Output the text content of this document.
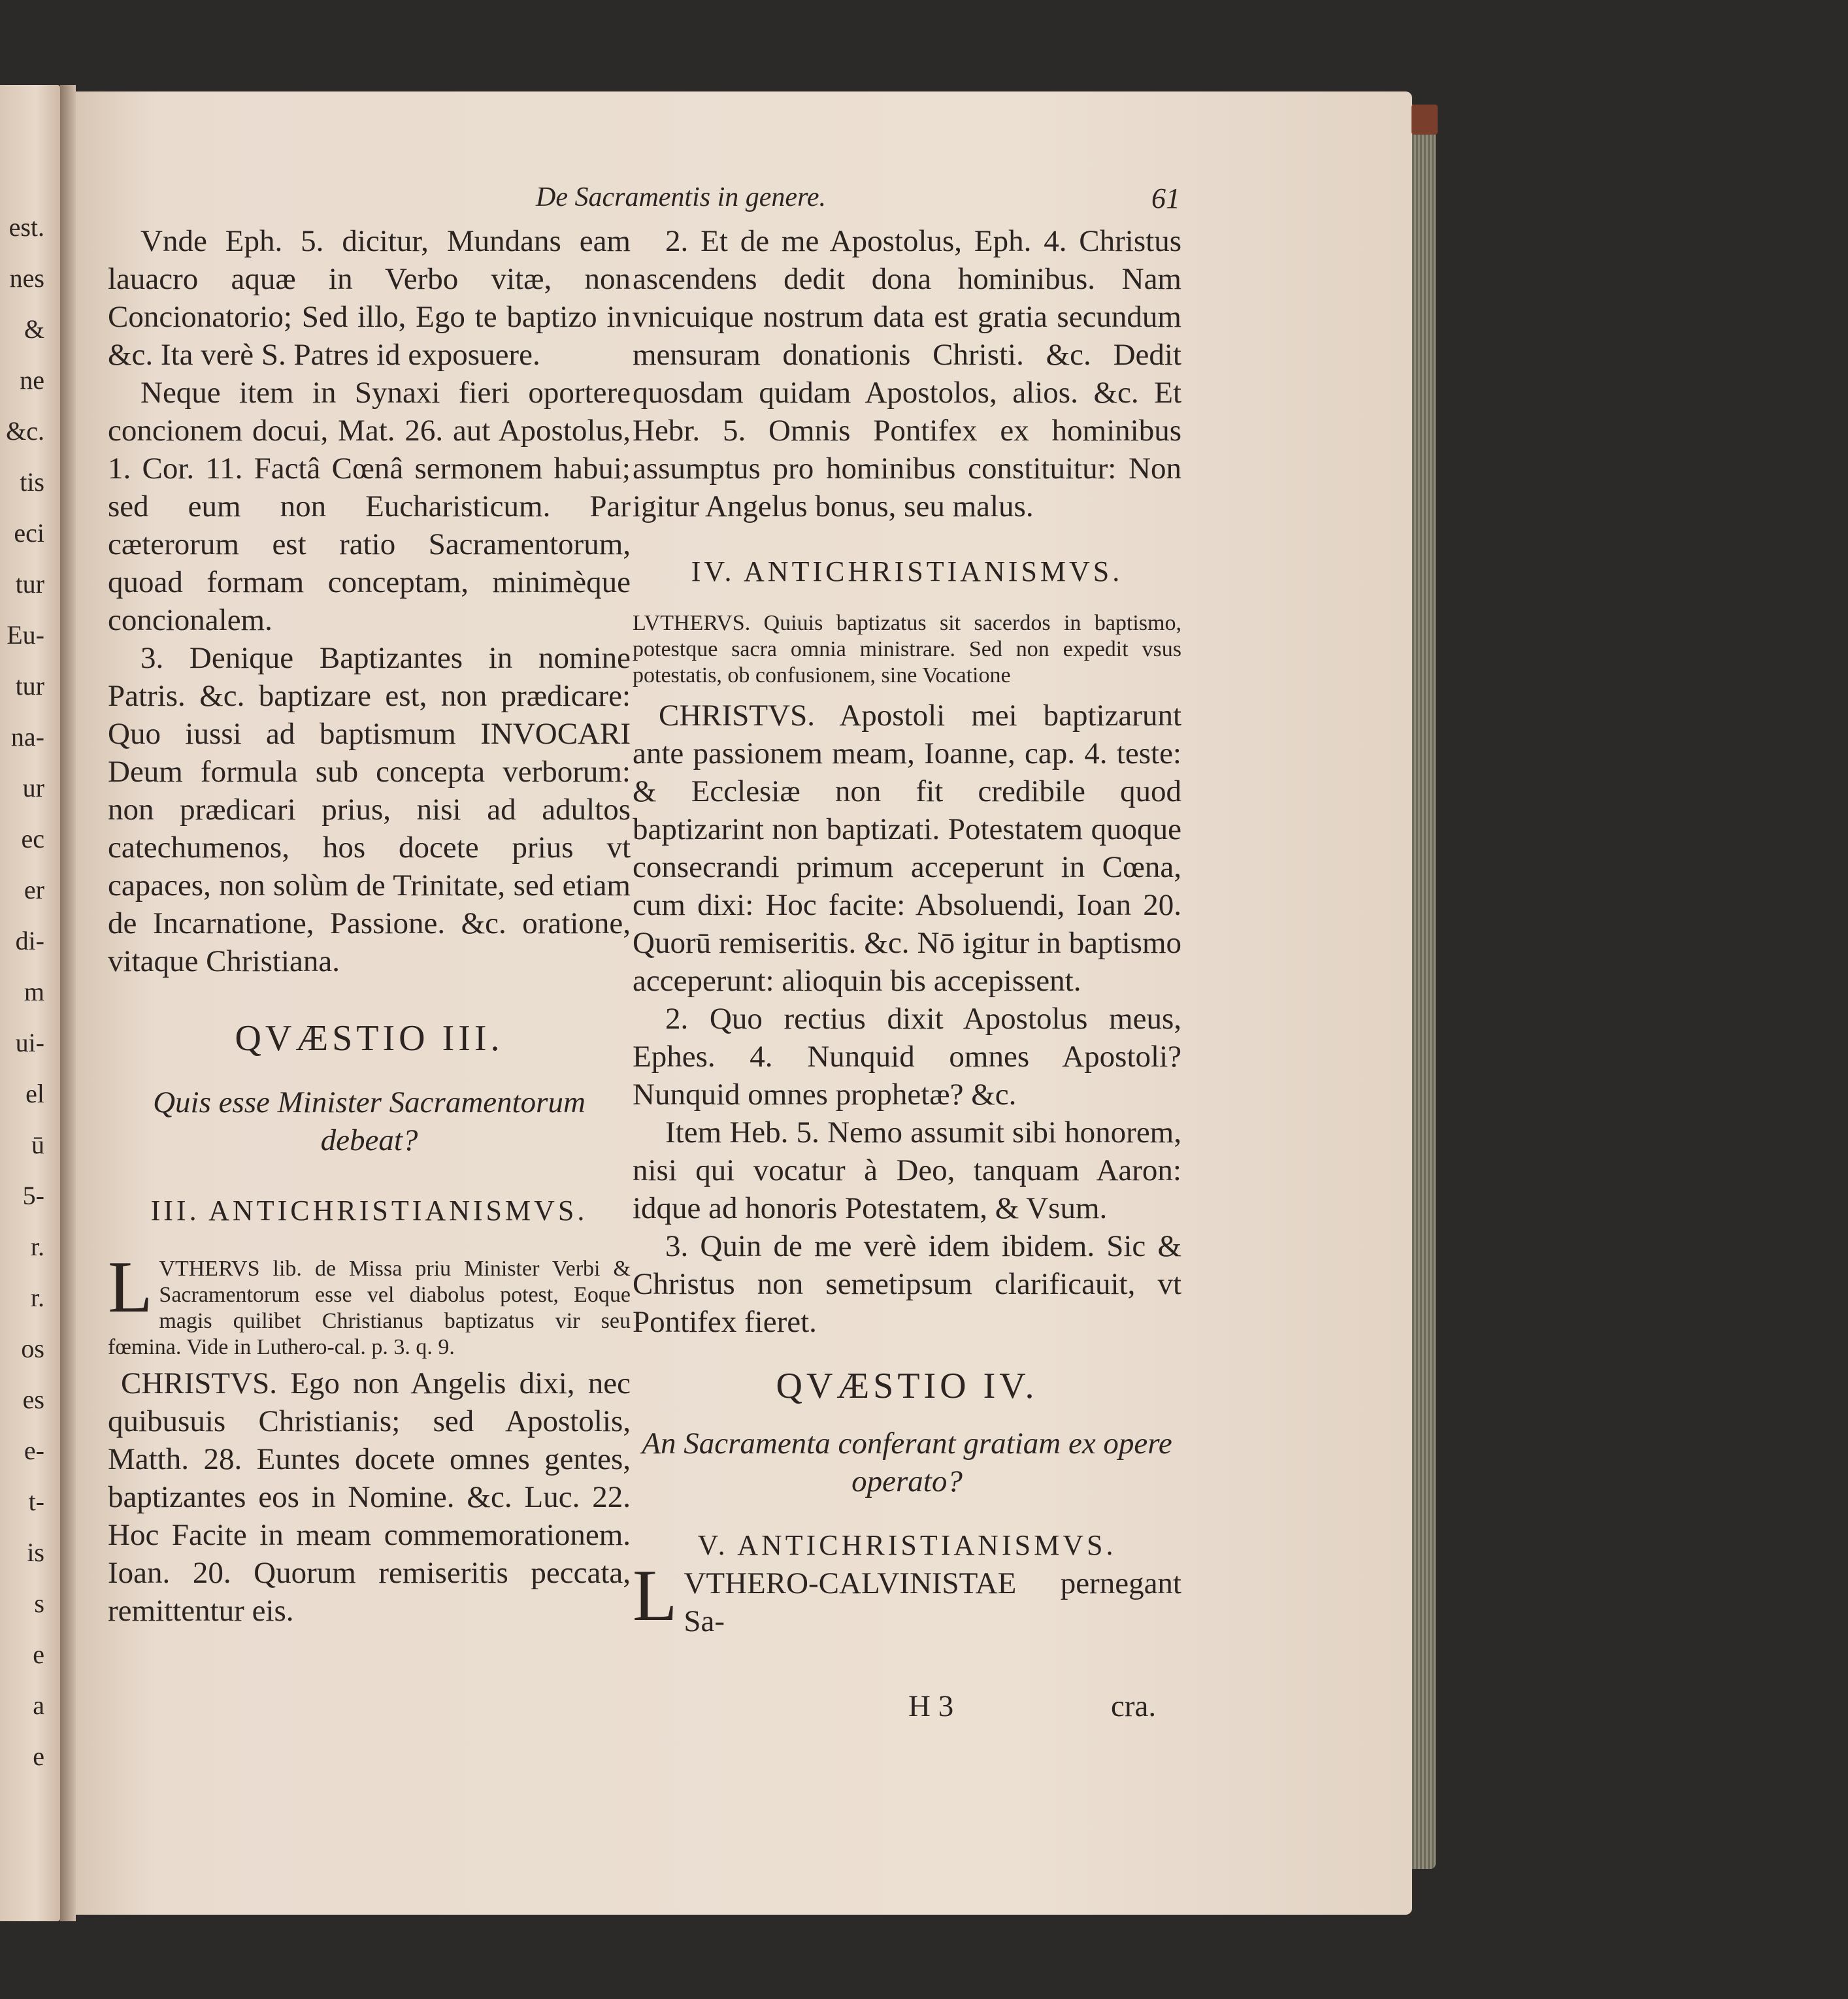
est.
nes
&
ne
&c.
tis
eci
tur
Eu-
tur
na-
ur
ec
er
di-
m
ui-
el
ū
5-
r.
r.
os
es
e-
t-
is
s
e
a
e
De Sacramentis in genere.	61

Vnde Eph. 5. dicitur, Mundans eam lauacro aquæ in Verbo vitæ, non Concionatorio; Sed illo, Ego te baptizo in &c. Ita verè S. Patres id exposuere.

Neque item in Synaxi fieri oportere concionem docui, Mat. 26. aut Apostolus, 1. Cor. 11. Factâ Cœnâ sermonem habui; sed eum non Eucharisticum. Par cæterorum est ratio Sacramentorum, quoad formam conceptam, minimèque concionalem.

3. Denique Baptizantes in nomine Patris. &c. baptizare est, non prædicare: Quo iussi ad baptismum INVOCARI Deum formula sub concepta verborum: non prædicari prius, nisi ad adultos catechumenos, hos docete prius vt capaces, non solùm de Trinitate, sed etiam de Incarnatione, Passione. &c. oratione, vitaque Christiana.

QVÆSTIO III.

Quis esse Minister Sacramentorum debeat?

III. ANTICHRISTIANISMVS.

L VTHERVS lib. de Missa priu Minister Verbi & Sacramentorum esse vel diabolus potest, Eoque magis quilibet Christianus baptizatus vir seu fœmina. Vide in Luthero-cal. p. 3. q. 9.

CHRISTVS. Ego non Angelis dixi, nec quibusuis Christianis; sed Apostolis, Matth. 28. Euntes docete omnes gentes, baptizantes eos in Nomine. &c. Luc. 22. Hoc Facite in meam commemorationem. Ioan. 20. Quorum remiseritis peccata, remittentur eis.

2. Et de me Apostolus, Eph. 4. Christus ascendens dedit dona hominibus. Nam vnicuique nostrum data est gratia secundum mensuram donationis Christi. &c. Dedit quosdam quidam Apostolos, alios. &c. Et Hebr. 5. Omnis Pontifex ex hominibus assumptus pro hominibus constituitur: Non igitur Angelus bonus, seu malus.

IV. ANTICHRISTIANISMVS.

LVTHERVS. Quiuis baptizatus sit sacerdos in baptismo, potestque sacra omnia ministrare. Sed non expedit vsus potestatis, ob confusionem, sine Vocatione

CHRISTVS. Apostoli mei baptizarunt ante passionem meam, Ioanne, cap. 4. teste: & Ecclesiæ non fit credibile quod baptizarint non baptizati. Potestatem quoque consecrandi primum acceperunt in Cœna, cum dixi: Hoc facite: Absoluendi, Ioan 20. Quorū remiseritis. &c. Nō igitur in baptismo acceperunt: alioquin bis accepissent.

2. Quo rectius dixit Apostolus meus, Ephes. 4. Nunquid omnes Apostoli? Nunquid omnes prophetæ? &c.

Item Heb. 5. Nemo assumit sibi honorem, nisi qui vocatur à Deo, tanquam Aaron: idque ad honoris Potestatem, & Vsum.

3. Quin de me verè idem ibidem. Sic & Christus non semetipsum clarificauit, vt Pontifex fieret.

QVÆSTIO IV.

An Sacramenta conferant gratiam ex opere operato?

V. ANTICHRISTIANISMVS.

L VTHERO-CALVINISTAE pernegant Sa-

H 3	cra.
